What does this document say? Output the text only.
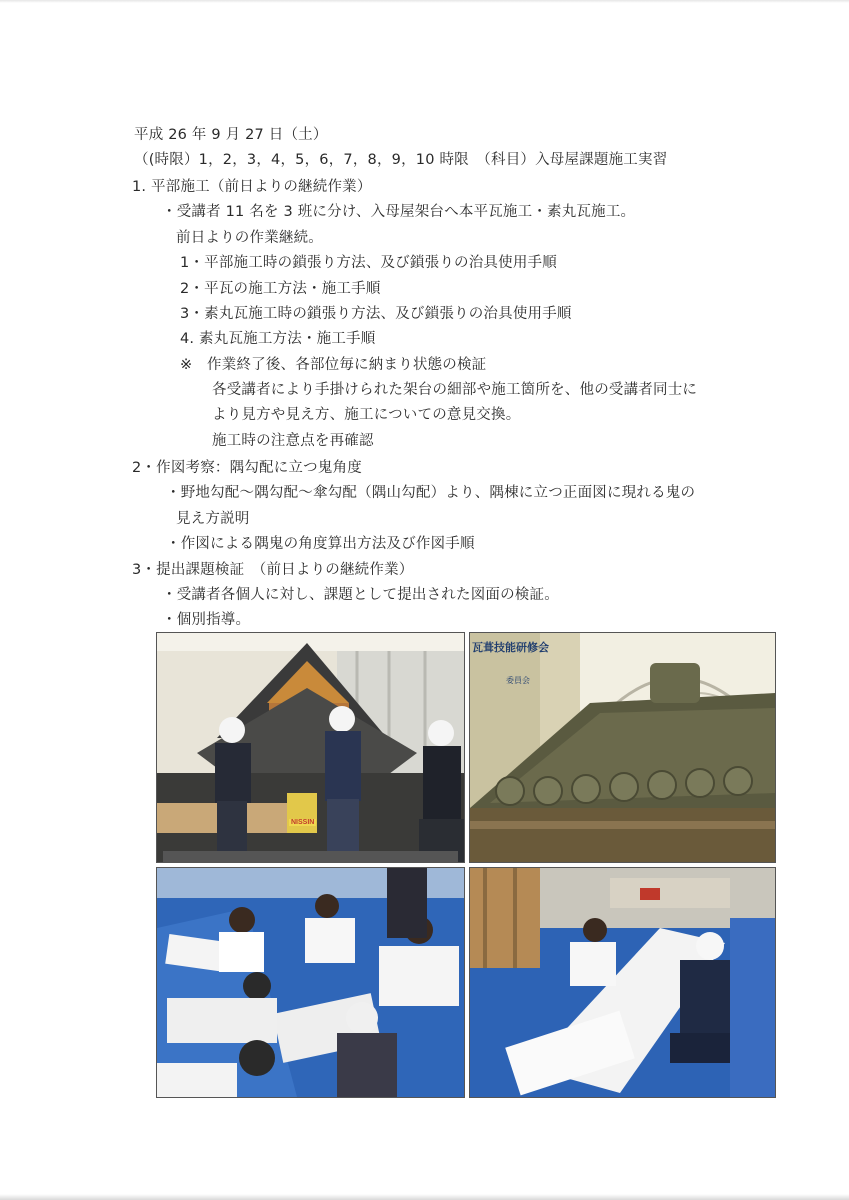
平成 26 年 9 月 27 日（土）
（(時限）1，2，3，4，5，6，7，8，9，10 時限　（科目）入母屋課題施工実習
1. 平部施工（前日よりの継続作業）
・受講者 11 名を 3 班に分け、入母屋架台へ本平瓦施工・素丸瓦施工。
前日よりの作業継続。
1・平部施工時の鎖張り方法、及び鎖張りの治具使用手順
2・平瓦の施工方法・施工手順
3・素丸瓦施工時の鎖張り方法、及び鎖張りの治具使用手順
4. 素丸瓦施工方法・施工手順
※　作業終了後、各部位毎に納まり状態の検証
各受講者により手掛けられた架台の細部や施工箇所を、他の受講者同士に
より見方や見え方、施工についての意見交換。
施工時の注意点を再確認
2・作図考察：隅勾配に立つ鬼角度
・野地勾配～隅勾配～傘勾配（隅山勾配）より、隅棟に立つ正面図に現れる鬼の
見え方説明
・作図による隅鬼の角度算出方法及び作図手順
3・提出課題検証　（前日よりの継続作業）
・受講者各個人に対し、課題として提出された図面の検証。
・個別指導。
NISSIN
瓦葺技能研修会
委員会
